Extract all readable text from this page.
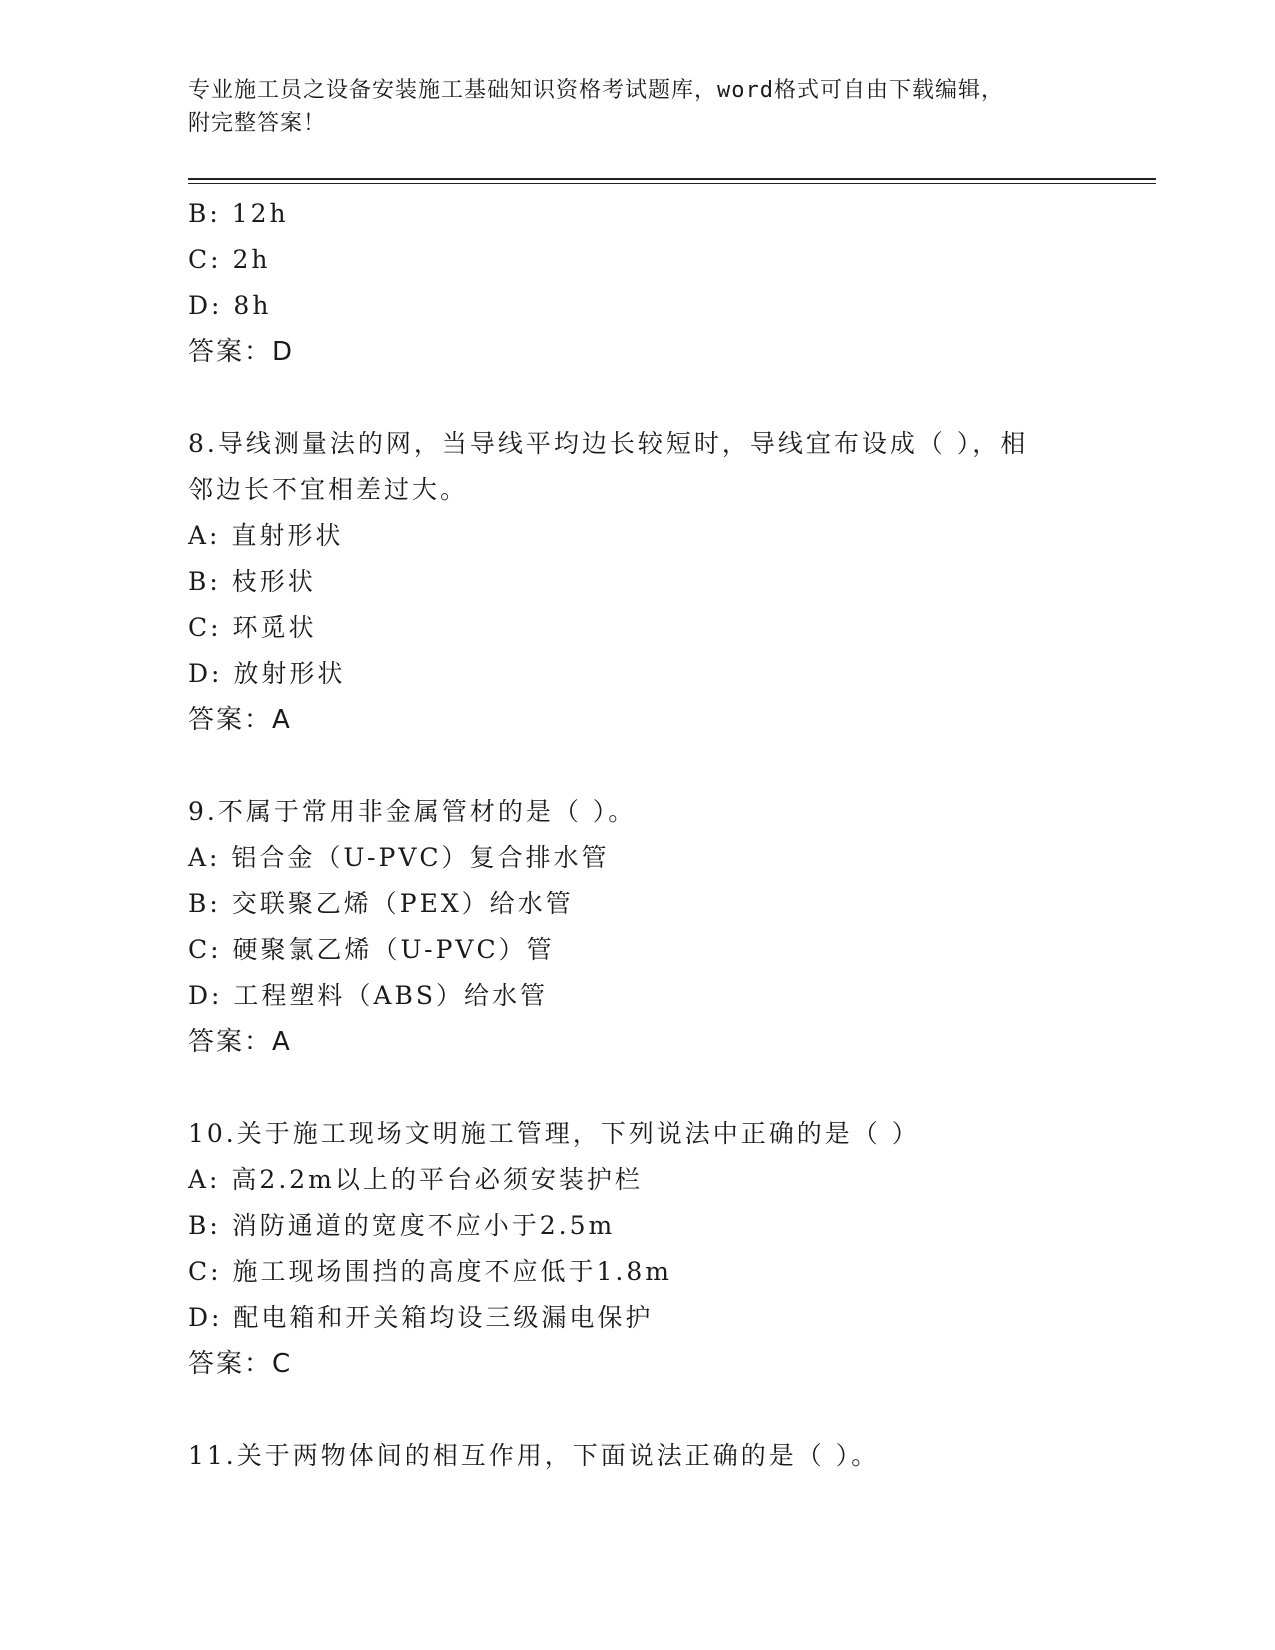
专业施工员之设备安装施工基础知识资格考试题库，word格式可自由下载编辑，
附完整答案！
B: 12h
C: 2h
D: 8h
答案：D
8.导线测量法的网，当导线平均边长较短时，导线宜布设成（ ），相
邻边长不宜相差过大。
A: 直射形状
B: 枝形状
C: 环觅状
D: 放射形状
答案：A
9.不属于常用非金属管材的是（ ）。
A: 铝合金（U-PVC）复合排水管
B: 交联聚乙烯（PEX）给水管
C: 硬聚氯乙烯（U-PVC）管
D: 工程塑料（ABS）给水管
答案：A
10.关于施工现场文明施工管理，下列说法中正确的是（ ）
A: 高2.2m以上的平台必须安装护栏
B: 消防通道的宽度不应小于2.5m
C: 施工现场围挡的高度不应低于1.8m
D: 配电箱和开关箱均设三级漏电保护
答案：C
11.关于两物体间的相互作用，下面说法正确的是（ ）。
